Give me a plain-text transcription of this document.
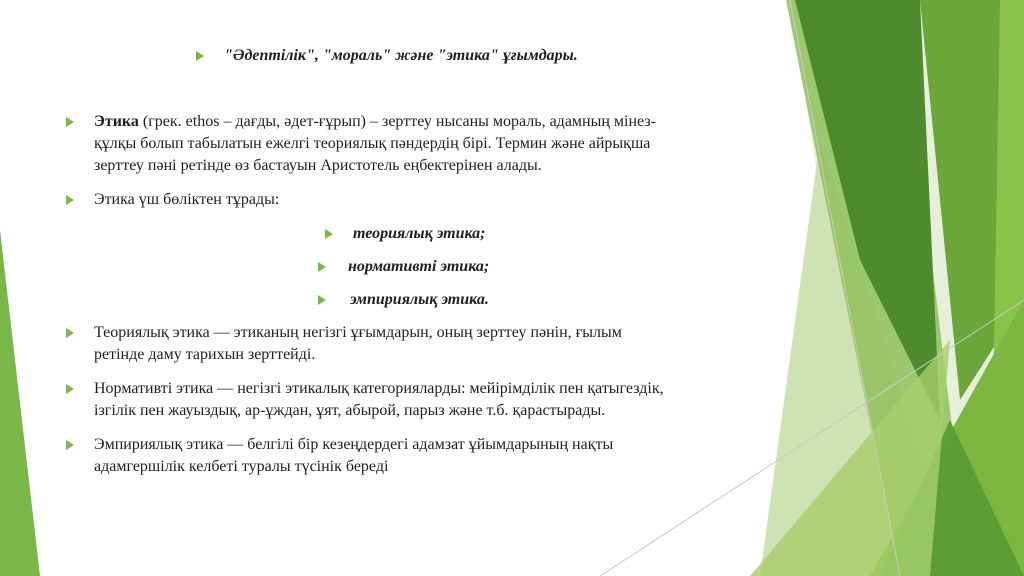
"Әдептілік", "мораль" және "этика" ұғымдары.
Этика (грек. ethos – дағды, әдет-ғұрып) – зерттеу нысаны мораль, адамның мінез-
құлқы болып табылатын ежелгі теориялық пәндердің бірі. Термин және айрықша
зерттеу пәні ретінде өз бастауын Аристотель еңбектерінен алады.
Этика үш бөліктен тұрады:
теориялық этика;
нормативті этика;
эмпириялық этика.
Теориялық этика — этиканың негізгі ұғымдарын, оның зерттеу пәнін, ғылым
ретінде даму тарихын зерттейді.
Нормативті этика — негізгі этикалық категорияларды: мейірімділік пен қатыгездік,
ізгілік пен жауыздық, ар-ұждан, ұят, абырой, парыз және т.б. қарастырады.
Эмпириялық этика — белгілі бір кезеңдердегі адамзат ұйымдарының нақты
адамгершілік келбеті туралы түсінік береді
